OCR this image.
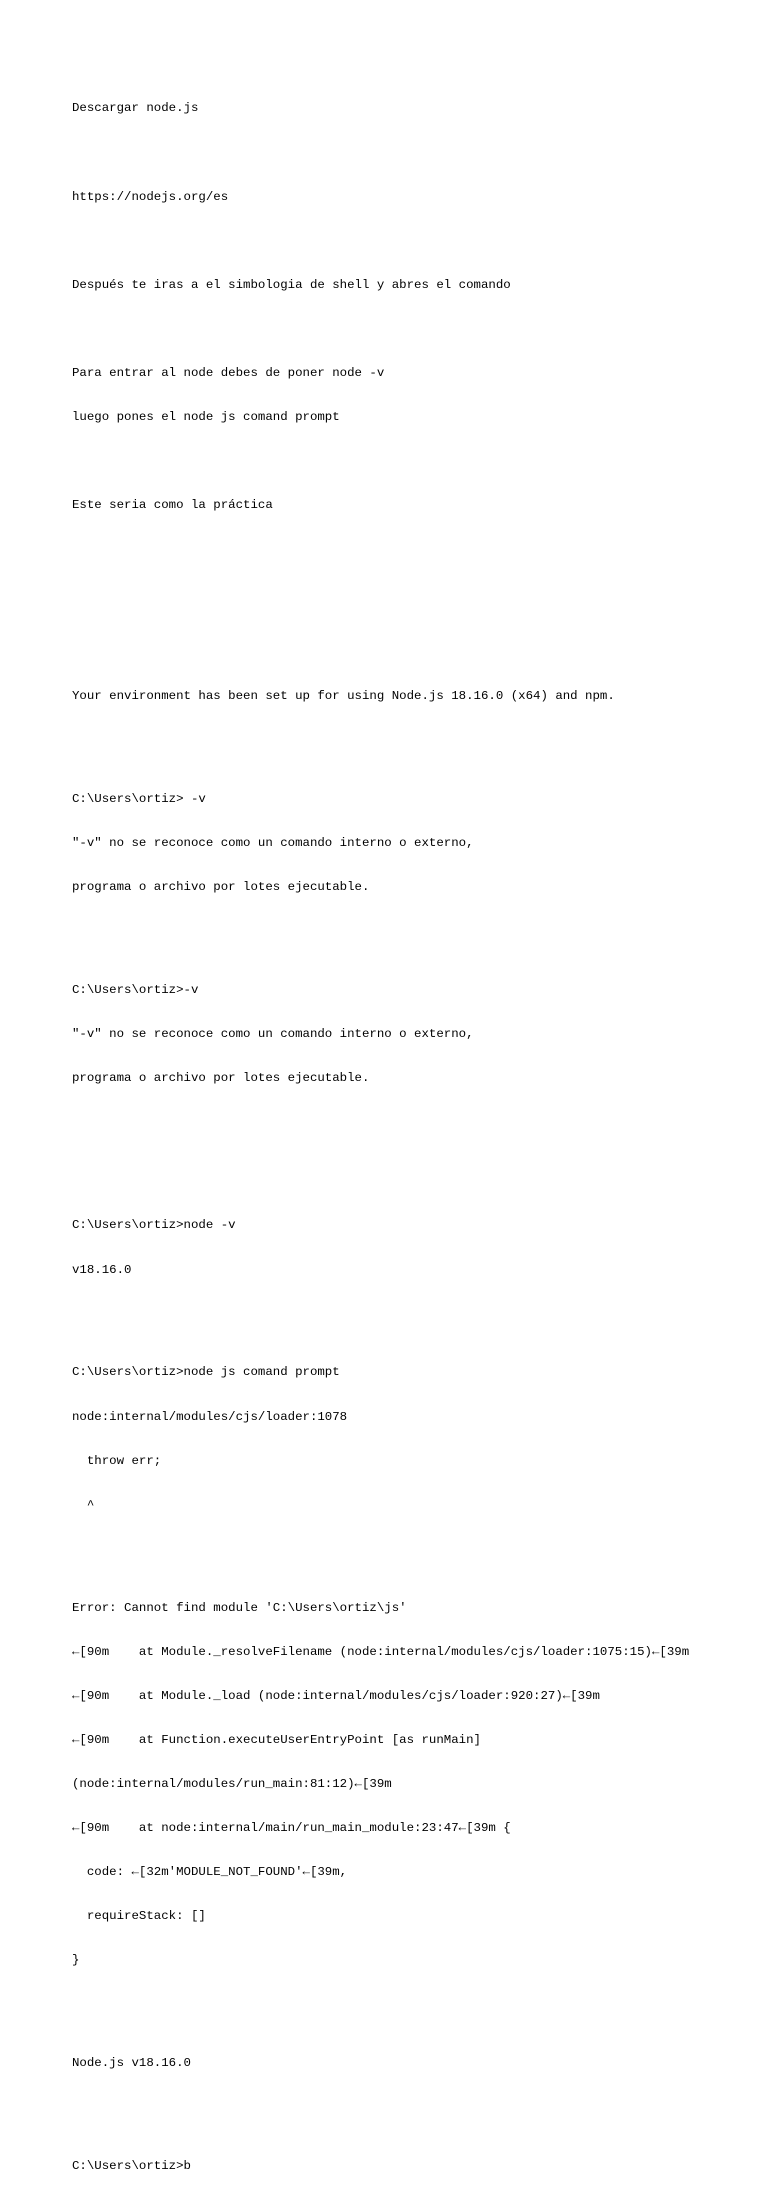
Descargar node.js

https://nodejs.org/es

Después te iras a el simbologia de shell y abres el comando

Para entrar al node debes de poner node -v

luego pones el node js comand prompt

Este seria como la práctica

Your environment has been set up for using Node.js 18.16.0 (x64) and npm.

C:\Users\ortiz> -v

"-v" no se reconoce como un comando interno o externo,

programa o archivo por lotes ejecutable.

C:\Users\ortiz>-v

"-v" no se reconoce como un comando interno o externo,

programa o archivo por lotes ejecutable.

C:\Users\ortiz>node -v

v18.16.0

C:\Users\ortiz>node js comand prompt

node:internal/modules/cjs/loader:1078

throw err;

^

Error: Cannot find module 'C:\Users\ortiz\js'

←[90m    at Module._resolveFilename (node:internal/modules/cjs/loader:1075:15)←[39m

←[90m    at Module._load (node:internal/modules/cjs/loader:920:27)←[39m

←[90m    at Function.executeUserEntryPoint [as runMain]

(node:internal/modules/run_main:81:12)←[39m

←[90m    at node:internal/main/run_main_module:23:47←[39m {

code: ←[32m'MODULE_NOT_FOUND'←[39m,

requireStack: []

}

Node.js v18.16.0

C:\Users\ortiz>b
